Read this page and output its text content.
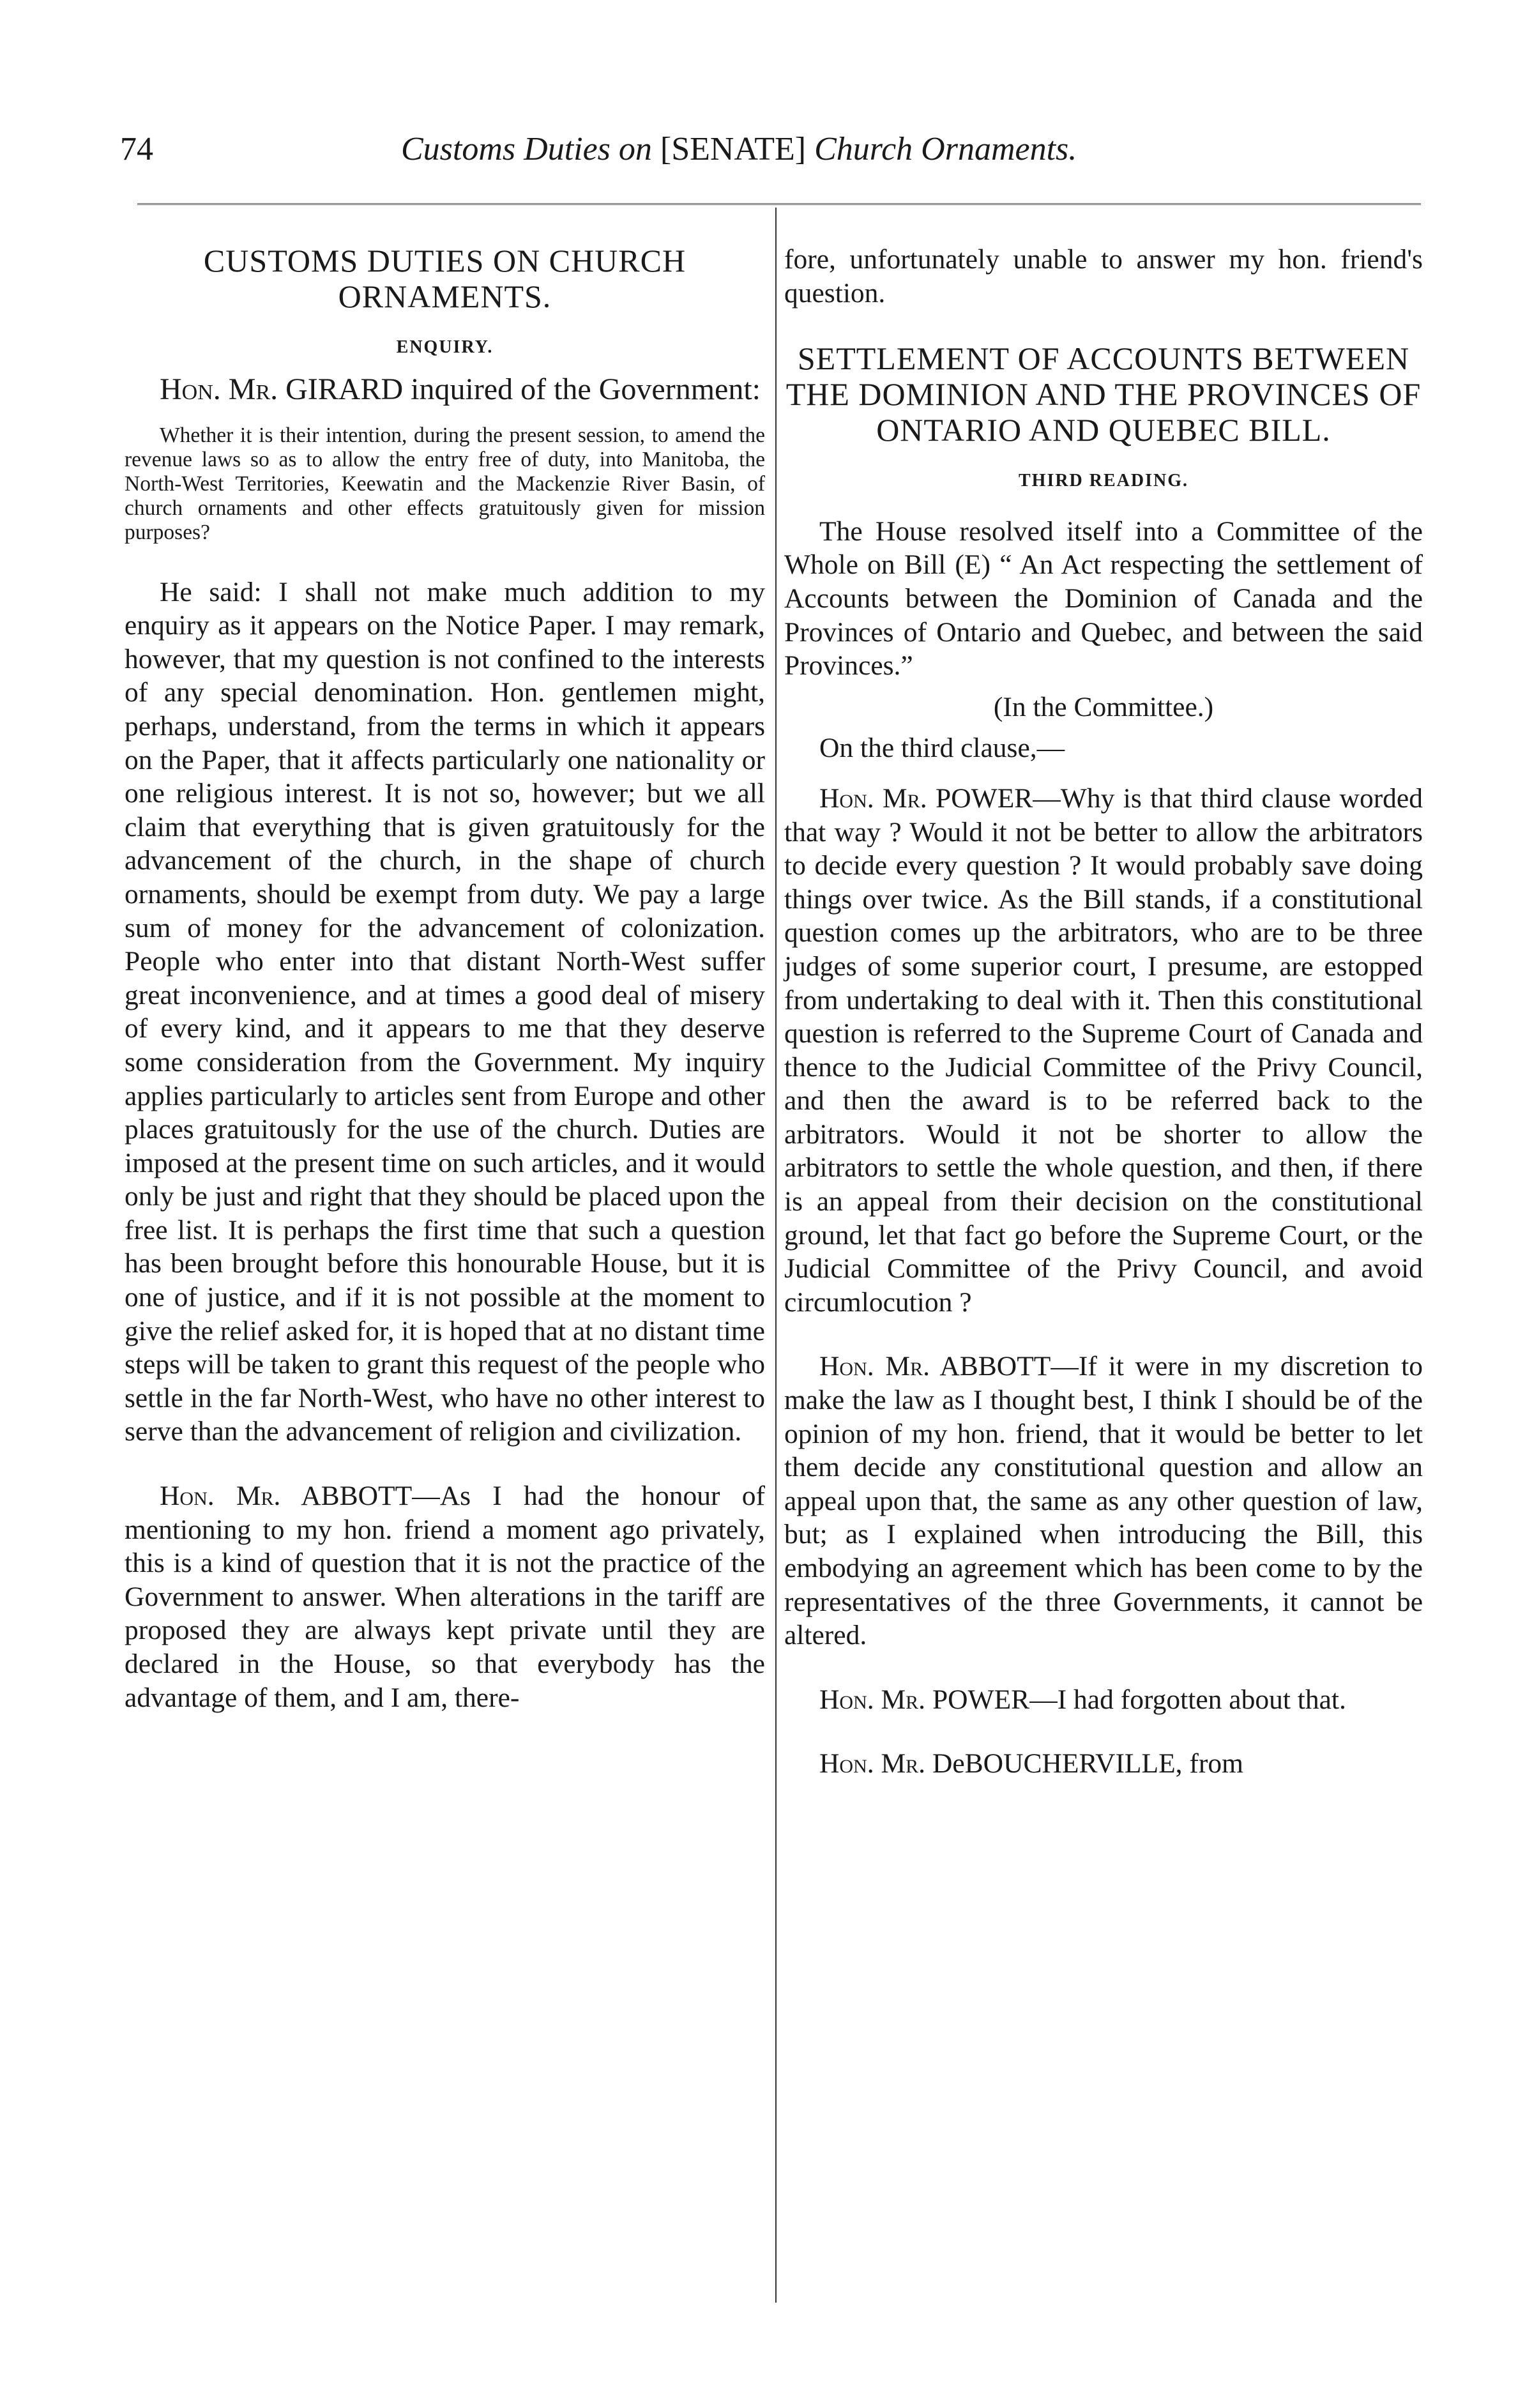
74	Customs Duties on [SENATE] Church Ornaments.

CUSTOMS DUTIES ON CHURCH ORNAMENTS.

ENQUIRY.

Hon. Mr. GIRARD inquired of the Government:

Whether it is their intention, during the present session, to amend the revenue laws so as to allow the entry free of duty, into Manitoba, the North-West Territories, Keewatin and the Mackenzie River Basin, of church ornaments and other effects gratuitously given for mission purposes?

He said: I shall not make much addition to my enquiry as it appears on the Notice Paper. I may remark, however, that my question is not confined to the interests of any special denomination. Hon. gentlemen might, perhaps, understand, from the terms in which it appears on the Paper, that it affects particularly one nationality or one religious interest. It is not so, however; but we all claim that everything that is given gratuitously for the advancement of the church, in the shape of church ornaments, should be exempt from duty. We pay a large sum of money for the advancement of colonization. People who enter into that distant North-West suffer great inconvenience, and at times a good deal of misery of every kind, and it appears to me that they deserve some consideration from the Government. My inquiry applies particularly to articles sent from Europe and other places gratuitously for the use of the church. Duties are imposed at the present time on such articles, and it would only be just and right that they should be placed upon the free list. It is perhaps the first time that such a question has been brought before this honourable House, but it is one of justice, and if it is not possible at the moment to give the relief asked for, it is hoped that at no distant time steps will be taken to grant this request of the people who settle in the far North-West, who have no other interest to serve than the advancement of religion and civilization.

Hon. Mr. ABBOTT—As I had the honour of mentioning to my hon. friend a moment ago privately, this is a kind of question that it is not the practice of the Government to answer. When alterations in the tariff are proposed they are always kept private until they are declared in the House, so that everybody has the advantage of them, and I am, there-

fore, unfortunately unable to answer my hon. friend's question.

SETTLEMENT OF ACCOUNTS BETWEEN THE DOMINION AND THE PROVINCES OF ONTARIO AND QUEBEC BILL.

THIRD READING.

The House resolved itself into a Committee of the Whole on Bill (E) “ An Act respecting the settlement of Accounts between the Dominion of Canada and the Provinces of Ontario and Quebec, and between the said Provinces.”

(In the Committee.)

On the third clause,—

Hon. Mr. POWER—Why is that third clause worded that way ? Would it not be better to allow the arbitrators to decide every question ? It would probably save doing things over twice. As the Bill stands, if a constitutional question comes up the arbitrators, who are to be three judges of some superior court, I presume, are estopped from undertaking to deal with it. Then this constitutional question is referred to the Supreme Court of Canada and thence to the Judicial Committee of the Privy Council, and then the award is to be referred back to the arbitrators. Would it not be shorter to allow the arbitrators to settle the whole question, and then, if there is an appeal from their decision on the constitutional ground, let that fact go before the Supreme Court, or the Judicial Committee of the Privy Council, and avoid circumlocution ?

Hon. Mr. ABBOTT—If it were in my discretion to make the law as I thought best, I think I should be of the opinion of my hon. friend, that it would be better to let them decide any constitutional question and allow an appeal upon that, the same as any other question of law, but; as I explained when introducing the Bill, this embodying an agreement which has been come to by the representatives of the three Governments, it cannot be altered.

Hon. Mr. POWER—I had forgotten about that.

Hon. Mr. DeBOUCHERVILLE, from
